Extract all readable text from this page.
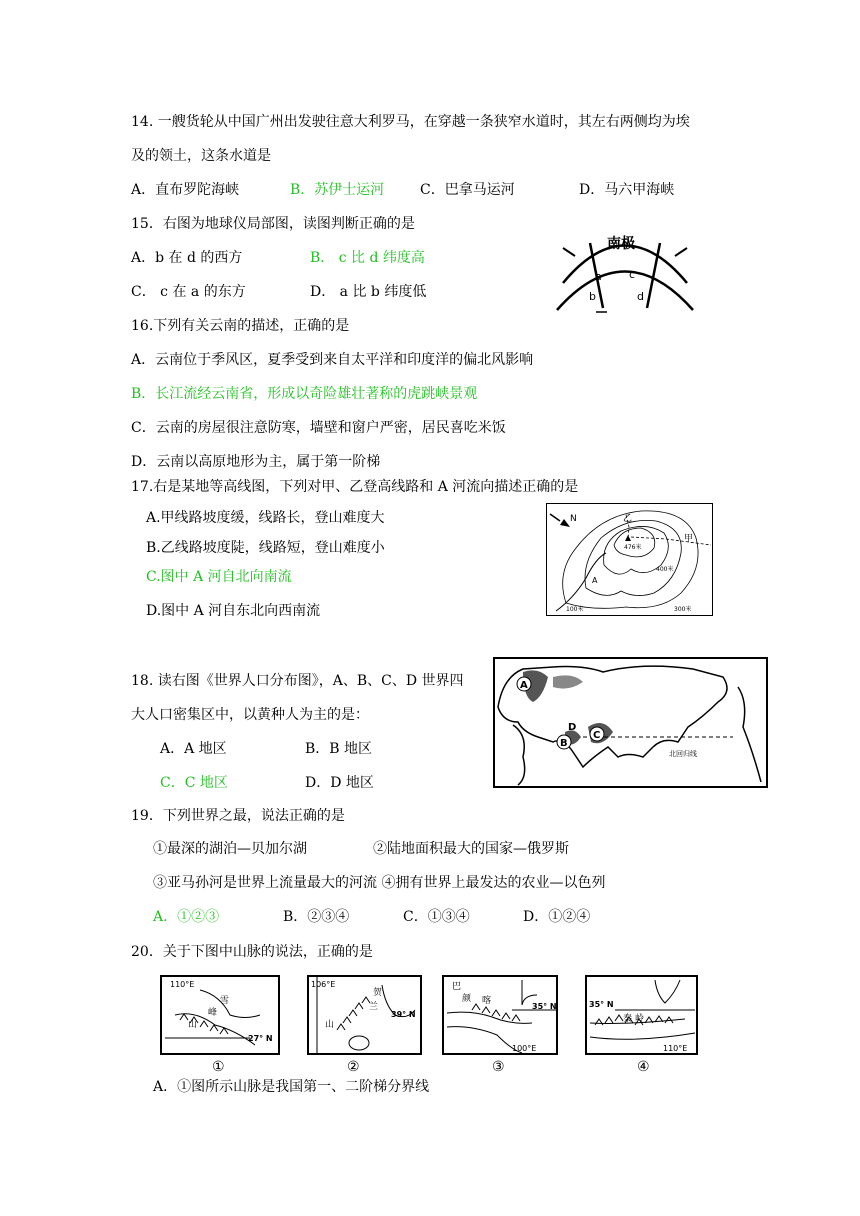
14. 一艘货轮从中国广州出发驶往意大利罗马，在穿越一条狭窄水道时，其左右两侧均为埃
及的领土，这条水道是
A．直布罗陀海峡	B．苏伊士运河	C．巴拿马运河	D．马六甲海峡
15．右图为地球仪局部图，读图判断正确的是
A．b 在 d 的西方	B． c 比 d 纬度高
C． c 在 a 的东方	D． a 比 b 纬度低
南极
a c
b	d
16.下列有关云南的描述，正确的是
A．云南位于季风区，夏季受到来自太平洋和印度洋的偏北风影响
B．长江流经云南省，形成以奇险雄壮著称的虎跳峡景观
C．云南的房屋很注意防寒，墙壁和窗户严密，居民喜吃米饭
D．云南以高原地形为主，属于第一阶梯
17.右是某地等高线图，下列对甲、乙登高线路和 A 河流向描述正确的是
A.甲线路坡度缓，线路长，登山难度大
B.乙线路坡度陡，线路短，登山难度小
C.图中 A 河自北向南流
D.图中 A 河自东北向西南流
N	乙
甲
476米
400米
300米
100米
A
18. 读右图《世界人口分布图》，A、B、C、D 世界四
大人口密集区中，以黄种人为主的是：
A．A 地区	B．B 地区
C．C 地区	D．D 地区
A
B
C
D
北回归线
19．下列世界之最，说法正确的是
①最深的湖泊—贝加尔湖	②陆地面积最大的国家—俄罗斯
③亚马孙河是世界上流量最大的河流 ④拥有世界上最发达的农业—以色列
A．①②③	B．②③④	C．①③④	D．①②④
20．关于下图中山脉的说法，正确的是
110°E
雪
峰
山
27° N
①
106°E
贺
兰
山
39° N
②
巴
颜 喀
35° N
100°E
③
35° N
秦 岭
110°E
④
A．①图所示山脉是我国第一、二阶梯分界线
